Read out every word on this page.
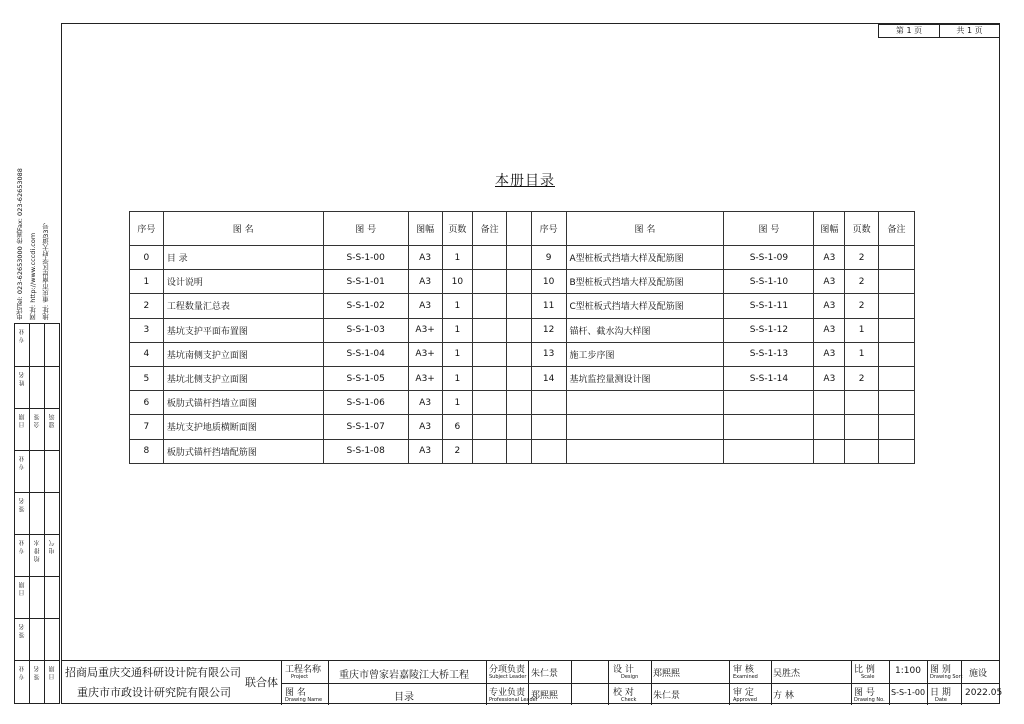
第 1 页	共 1 页
电话Tel: 023-62653000 传真Fax: 023-62653088 网址: http://www.cccdi.com 地址: 重庆市南岸区学府大道33号
专 业
姓 名
日 期 会 签 建 筑
专 业
签 名
专 业 给 排 水 电 气
日 期
签 名
专 业 签 名 日 期
本册目录
序号	图 名	图 号	图幅	页数	备注		序号	图 名	图 号	图幅	页数	备注
0	目 录	S-S-1-00	A3	1			9	A型桩板式挡墙大样及配筋图	S-S-1-09	A3	2	
1	设计说明	S-S-1-01	A3	10			10	B型桩板式挡墙大样及配筋图	S-S-1-10	A3	2	
2	工程数量汇总表	S-S-1-02	A3	1			11	C型桩板式挡墙大样及配筋图	S-S-1-11	A3	2	
3	基坑支护平面布置图	S-S-1-03	A3+	1			12	锚杆、截水沟大样图	S-S-1-12	A3	1	
4	基坑南侧支护立面图	S-S-1-04	A3+	1			13	施工步序图	S-S-1-13	A3	1	
5	基坑北侧支护立面图	S-S-1-05	A3+	1			14	基坑监控量测设计图	S-S-1-14	A3	2	
6	板肋式锚杆挡墙立面图	S-S-1-06	A3	1								
7	基坑支护地质横断面图	S-S-1-07	A3	6								
8	板肋式锚杆挡墙配筋图	S-S-1-08	A3	2								
招商局重庆交通科研设计院有限公司
重庆市市政设计研究院有限公司
联合体
工程名称
Project
图 名
Drawing Name
重庆市曾家岩嘉陵江大桥工程
目录
分项负责
Subject Leader 朱仁景
专业负责
Professional Leader
郑熙熙
设 计
Design 郑熙熙
校 对
Check 朱仁景
审 核
Examined 吴胜杰
审 定
Approved 方 林
比 例
Scale
1:100
图 号
Drawing No.
S-S-1-00
图 别
Drawing Sort 施设
日 期
Date
2022.05
